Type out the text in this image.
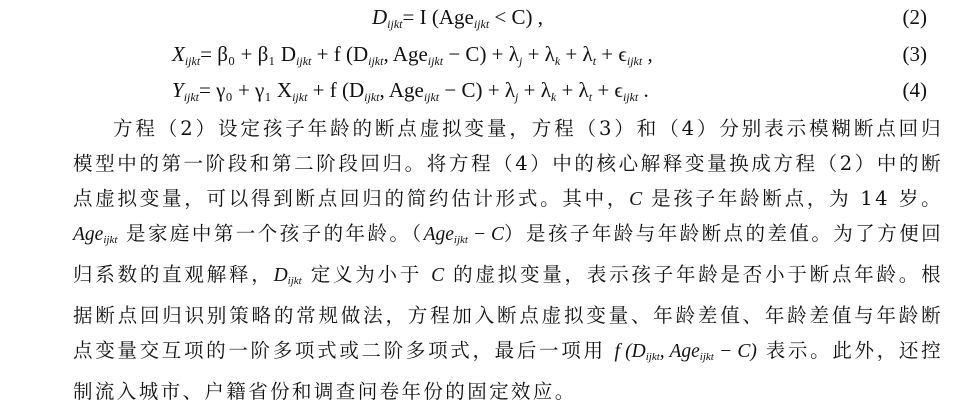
$D_{ijkt}= I$ (Age$_{ijkt}$ < C) ,	(2)
$X_{ijkt}= \beta_0 + \beta_1$ $D_{ijkt} + f$ ($D_{ijkt}$, $Age_{ijkt} - C) + \lambda_j + \lambda_k + \lambda_t + \epsilon_{ijkt}$ ,	(3)
$Y_{ijkt}= \gamma_0 + \gamma_1$ $X_{ijkt} + f$ ($D_{ijkt}$, $Age_{ijkt} - C) + \lambda_j + \lambda_k + \lambda_t + \epsilon_{ijkt}$ .	(4)

方程（2）设定孩子年龄的断点虚拟变量，方程（3）和（4）分别表示模糊断点回归模型中的第一阶段和第二阶段回归。将方程（4）中的核心解释变量换成方程（2）中的断点虚拟变量，可以得到断点回归的简约估计形式。其中，C 是孩子年龄断点，为 14 岁。Age$_{ijkt}$ 是家庭中第一个孩子的年龄。（Age$_{ijkt}$ − C）是孩子年龄与年龄断点的差值。为了方便回归系数的直观解释，$D_{ijkt}$ 定义为小于 C 的虚拟变量，表示孩子年龄是否小于断点年龄。根据断点回归识别策略的常规做法，方程加入断点虚拟变量、年龄差值、年龄差值与年龄断点变量交互项的一阶多项式或二阶多项式，最后一项用 f ($D_{ijkt}$, Age$_{ijkt}$ − C) 表示。此外，还控制流入城市、户籍省份和调查问卷年份的固定效应。
